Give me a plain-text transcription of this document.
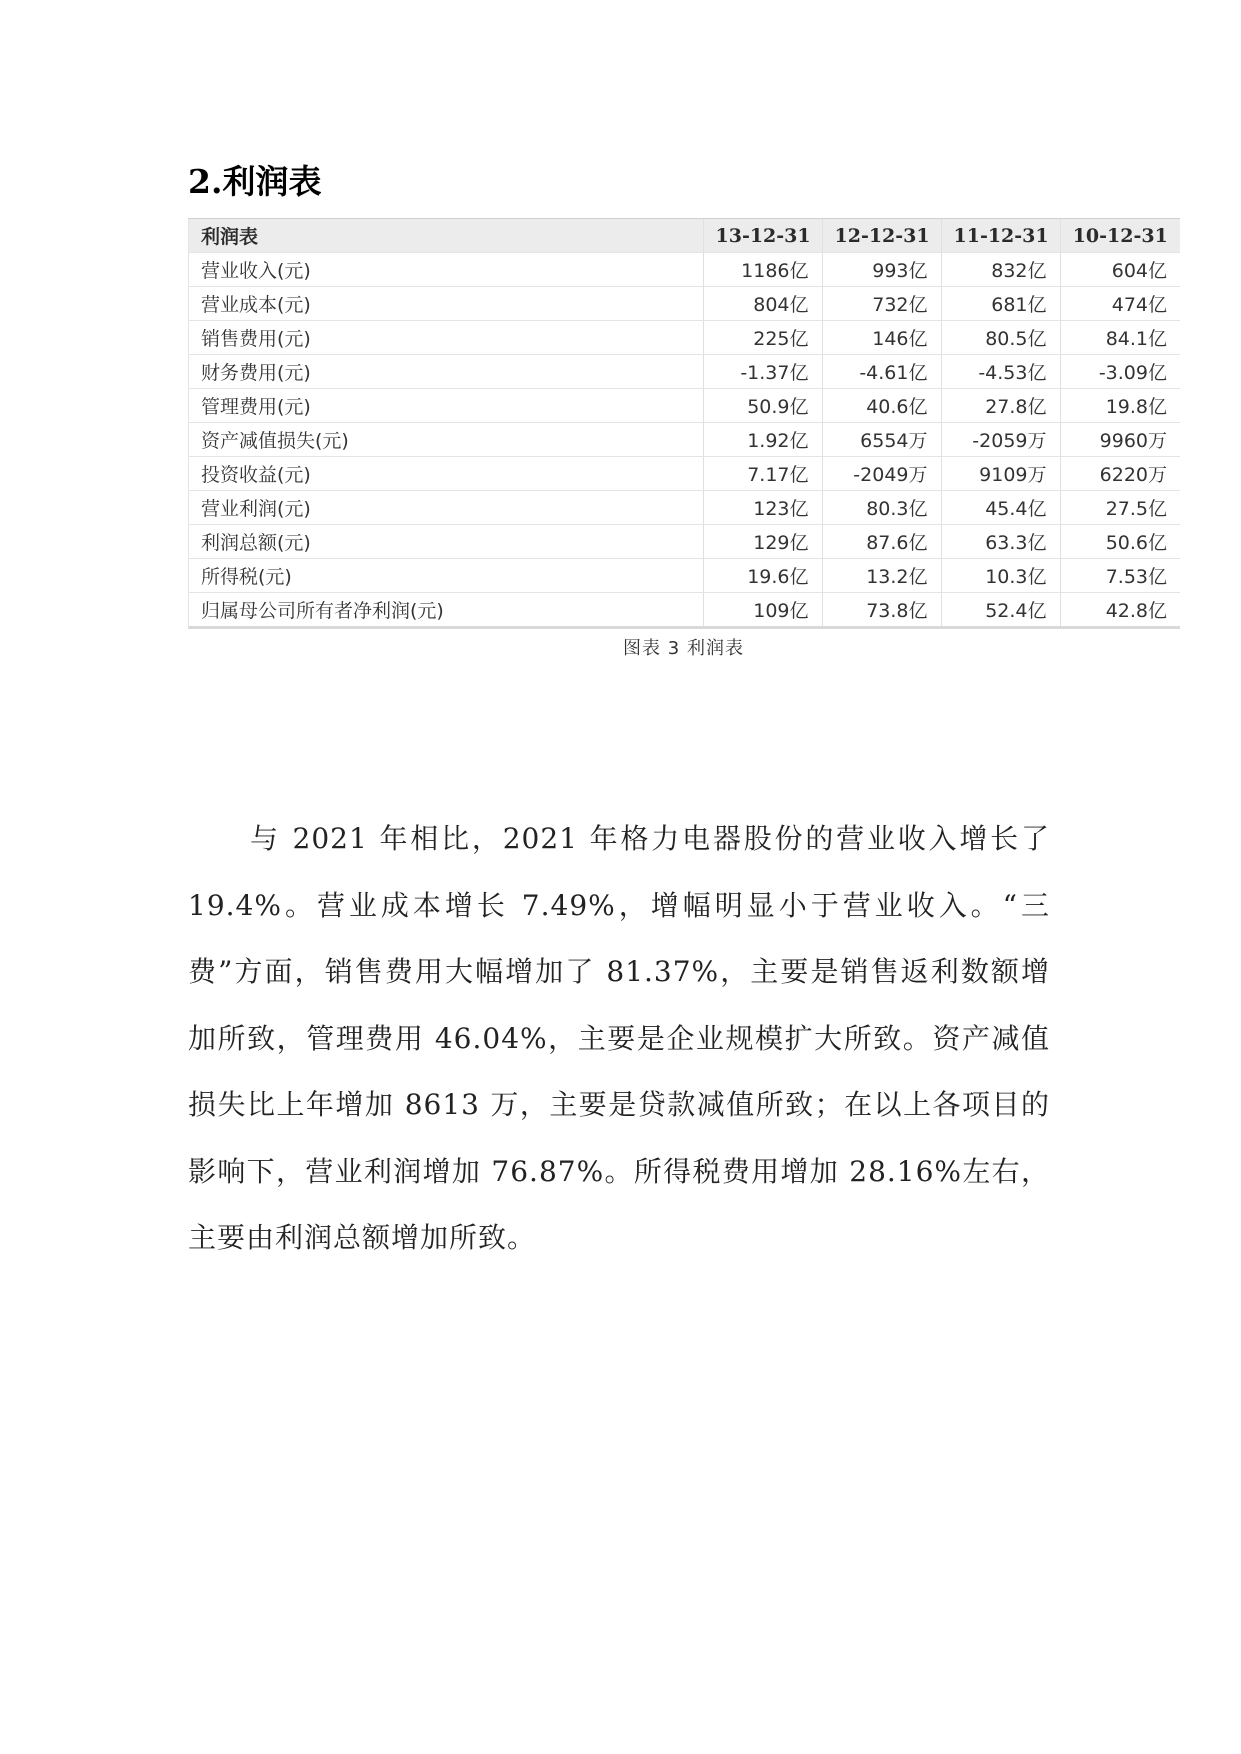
2.利润表
利润表	13-12-31	12-12-31	11-12-31	10-12-31
营业收入(元)	1186亿	993亿	832亿	604亿
营业成本(元)	804亿	732亿	681亿	474亿
销售费用(元)	225亿	146亿	80.5亿	84.1亿
财务费用(元)	-1.37亿	-4.61亿	-4.53亿	-3.09亿
管理费用(元)	50.9亿	40.6亿	27.8亿	19.8亿
资产减值损失(元)	1.92亿	6554万	-2059万	9960万
投资收益(元)	7.17亿	-2049万	9109万	6220万
营业利润(元)	123亿	80.3亿	45.4亿	27.5亿
利润总额(元)	129亿	87.6亿	63.3亿	50.6亿
所得税(元)	19.6亿	13.2亿	10.3亿	7.53亿
归属母公司所有者净利润(元)	109亿	73.8亿	52.4亿	42.8亿

图表 3 利润表

与 2021 年相比，2021 年格力电器股份的营业收入增长了 19.4%。营业成本增长 7.49%，增幅明显小于营业收入。“三费”方面，销售费用大幅增加了 81.37%，主要是销售返利数额增加所致，管理费用 46.04%，主要是企业规模扩大所致。资产减值损失比上年增加 8613 万，主要是贷款减值所致；在以上各项目的影响下，营业利润增加 76.87%。所得税费用增加 28.16%左右，主要由利润总额增加所致。
